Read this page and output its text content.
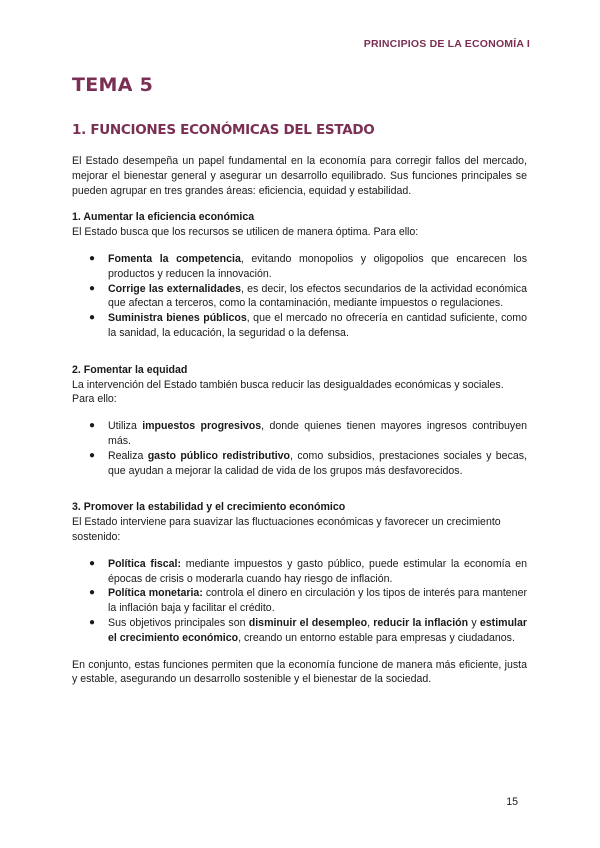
PRINCIPIOS DE LA ECONOMÍA I
TEMA 5
1. FUNCIONES ECONÓMICAS DEL ESTADO

El Estado desempeña un papel fundamental en la economía para corregir fallos del mercado, mejorar el bienestar general y asegurar un desarrollo equilibrado. Sus funciones principales se pueden agrupar en tres grandes áreas: eficiencia, equidad y estabilidad.

1. Aumentar la eficiencia económica

El Estado busca que los recursos se utilicen de manera óptima. Para ello:

● Fomenta la competencia, evitando monopolios y oligopolios que encarecen los productos y reducen la innovación.
● Corrige las externalidades, es decir, los efectos secundarios de la actividad económica que afectan a terceros, como la contaminación, mediante impuestos o regulaciones.
● Suministra bienes públicos, que el mercado no ofrecería en cantidad suficiente, como la sanidad, la educación, la seguridad o la defensa.

2. Fomentar la equidad

La intervención del Estado también busca reducir las desigualdades económicas y sociales. Para ello:

● Utiliza impuestos progresivos, donde quienes tienen mayores ingresos contribuyen más.
● Realiza gasto público redistributivo, como subsidios, prestaciones sociales y becas, que ayudan a mejorar la calidad de vida de los grupos más desfavorecidos.

3. Promover la estabilidad y el crecimiento económico

El Estado interviene para suavizar las fluctuaciones económicas y favorecer un crecimiento sostenido:

● Política fiscal: mediante impuestos y gasto público, puede estimular la economía en épocas de crisis o moderarla cuando hay riesgo de inflación.
● Política monetaria: controla el dinero en circulación y los tipos de interés para mantener la inflación baja y facilitar el crédito.
● Sus objetivos principales son disminuir el desempleo, reducir la inflación y estimular el crecimiento económico, creando un entorno estable para empresas y ciudadanos.

En conjunto, estas funciones permiten que la economía funcione de manera más eficiente, justa y estable, asegurando un desarrollo sostenible y el bienestar de la sociedad.

15
